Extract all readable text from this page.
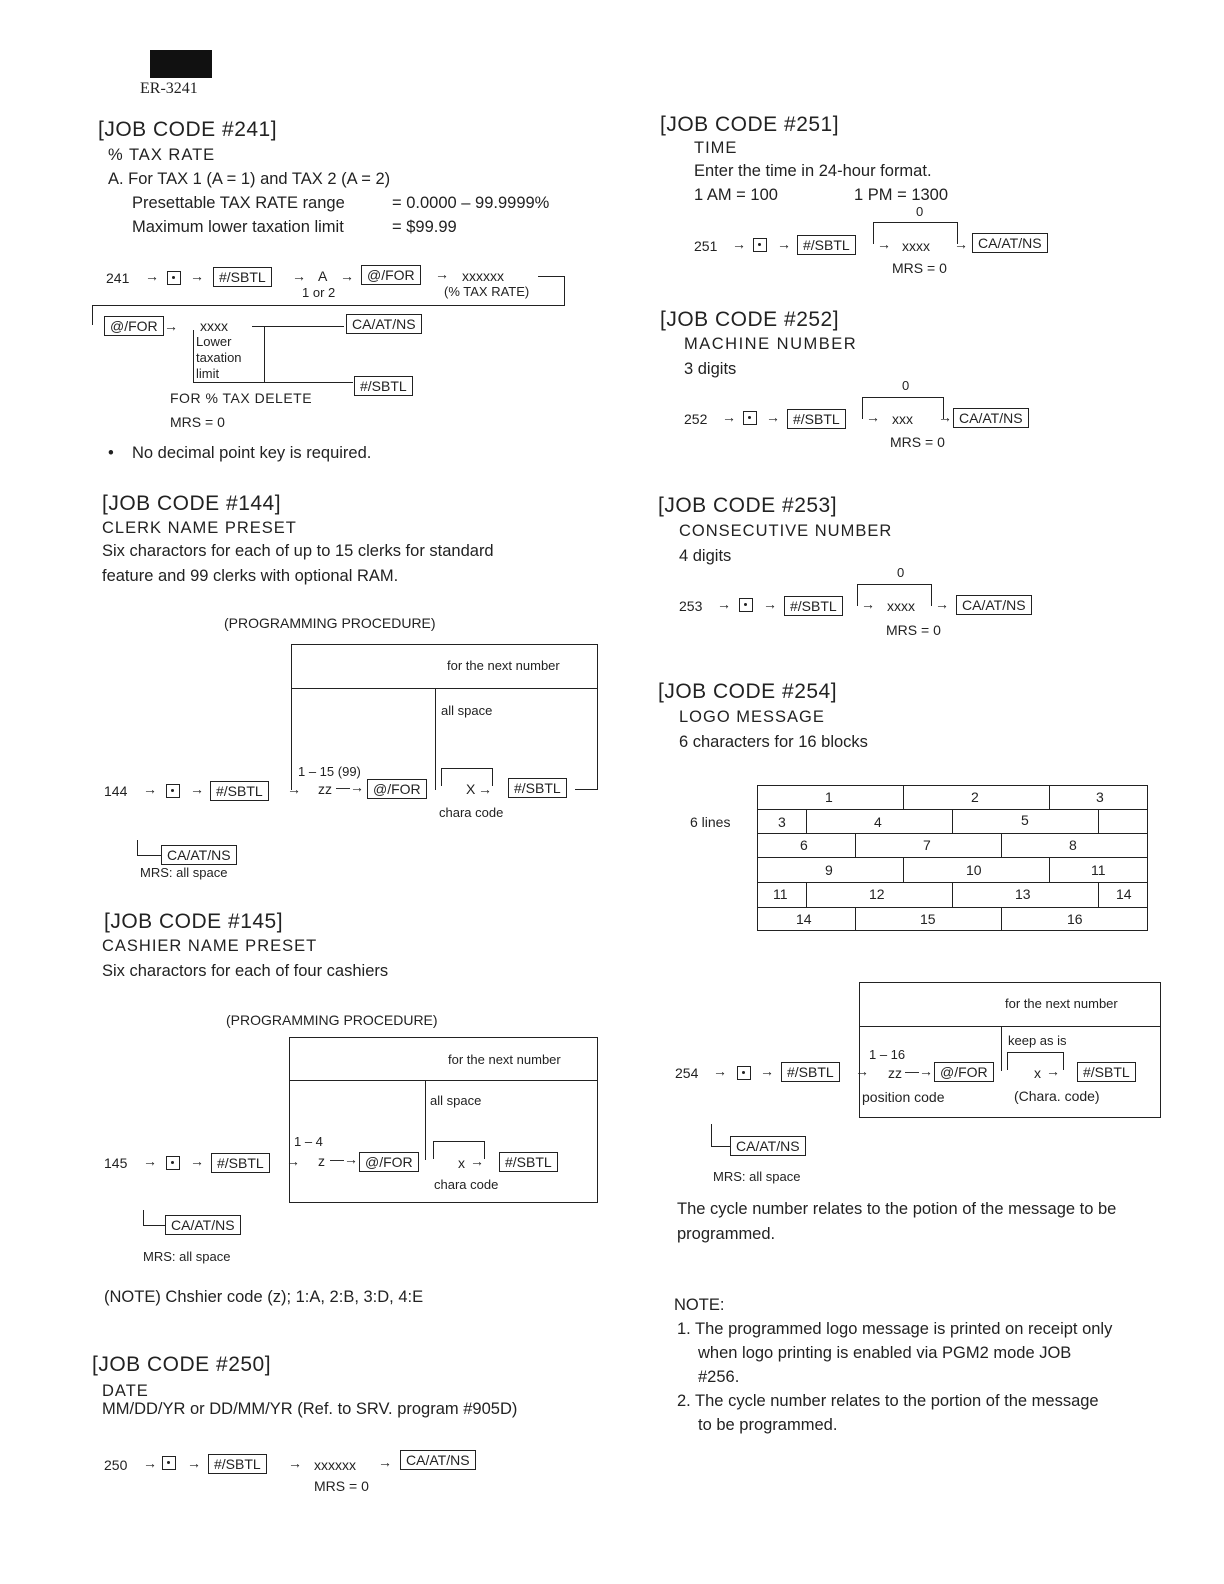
ER-3241
[JOB CODE #241]
% TAX RATE
A. For TAX 1 (A = 1) and TAX 2 (A = 2)
Presettable TAX RATE range	= 0.0000 – 99.9999%
Maximum lower taxation limit	= $99.99
241 → →	#/SBTL	→ A
1 or 2
→ @/FOR	→ xxxxxx
(% TAX RATE)
@/FOR → xxxx	CA/AT/NS
Lower
taxation
limit
#/SBTL
FOR % TAX DELETE
MRS = 0
• No decimal point key is required.
[JOB CODE #144]
CLERK NAME PRESET
Six charactors for each of up to 15 clerks for standard
feature and 99 clerks with optional RAM.
(PROGRAMMING PROCEDURE)
for the next number
all space
1 – 15 (99)
144 → → #/SBTL	→ zz —→ @/FOR	X →	#/SBTL
chara code
CA/AT/NS
MRS: all space
[JOB CODE #145]
CASHIER NAME PRESET
Six charactors for each of four cashiers
(PROGRAMMING PROCEDURE)
for the next number
all space
1 – 4
145 → → #/SBTL	→ z —→ @/FOR	x →	#/SBTL
chara code
CA/AT/NS
MRS: all space
(NOTE) Chshier code (z); 1:A, 2:B, 3:D, 4:E
[JOB CODE #250]
DATE
MM/DD/YR or DD/MM/YR (Ref. to SRV. program #905D)
250 → → #/SBTL	→ xxxxxx →	CA/AT/NS
MRS = 0
[JOB CODE #251]
TIME
Enter the time in 24-hour format.
1 AM = 100	1 PM = 1300
0
251 → → #/SBTL	→ xxxx → CA/AT/NS
MRS = 0
[JOB CODE #252]
MACHINE NUMBER
3 digits
0
252 → → #/SBTL	→ xxx → CA/AT/NS
MRS = 0
[JOB CODE #253]
CONSECUTIVE NUMBER
4 digits
0
253 → → #/SBTL	→ xxxx → CA/AT/NS
MRS = 0
[JOB CODE #254]
LOGO MESSAGE
6 characters for 16 blocks
6 lines
1	2	3
3	4	5
6	7	8
9	10	11
11	12	13	14
14	15	16
for the next number
keep as is
1 – 16
254 → → #/SBTL	→ zz —→ @/FOR	x →	#/SBTL
position code	(Chara. code)
CA/AT/NS
MRS: all space
The cycle number relates to the potion of the message to be
programmed.
NOTE:
1. The programmed logo message is printed on receipt only
when logo printing is enabled via PGM2 mode JOB
#256.
2. The cycle number relates to the portion of the message
to be programmed.
